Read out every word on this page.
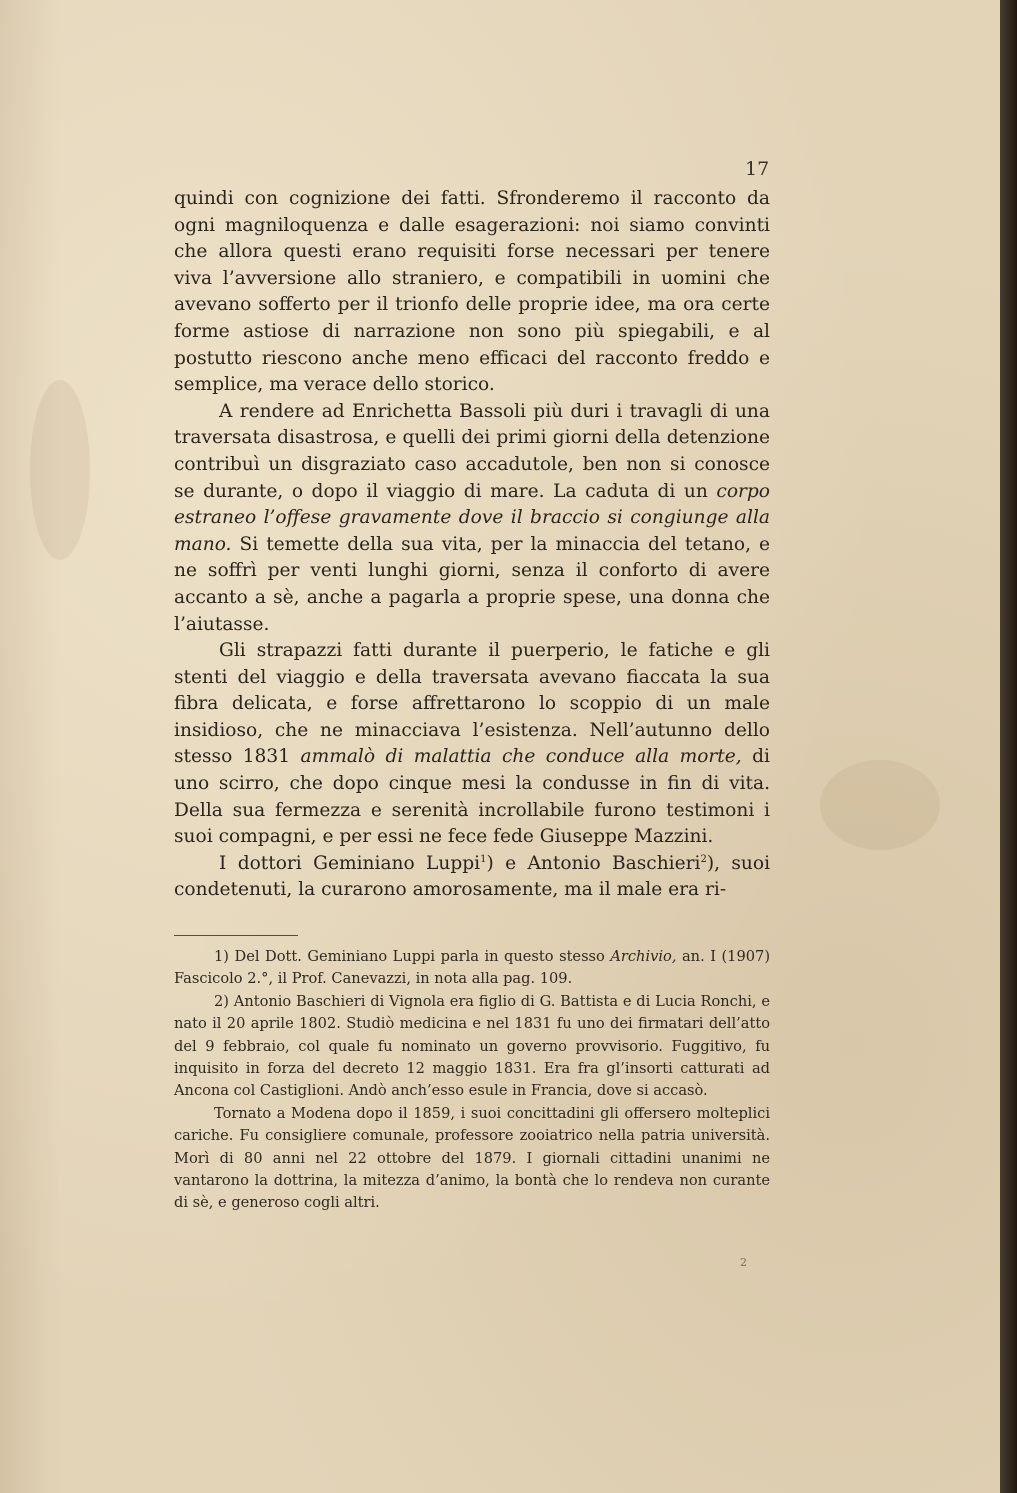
17

quindi con cognizione dei fatti. Sfronderemo il racconto da ogni magniloquenza e dalle esagerazioni: noi siamo convinti che allora questi erano requisiti forse necessari per tenere viva l’avversione allo straniero, e compatibili in uomini che avevano sofferto per il trionfo delle proprie idee, ma ora certe forme astiose di narrazione non sono più spiegabili, e al postutto riescono anche meno efficaci del racconto freddo e semplice, ma verace dello storico.

A rendere ad Enrichetta Bassoli più duri i travagli di una traversata disastrosa, e quelli dei primi giorni della detenzione contribuì un disgraziato caso accadutole, ben non si conosce se durante, o dopo il viaggio di mare. La caduta di un corpo estraneo l’offese gravamente dove il braccio si congiunge alla mano. Si temette della sua vita, per la minaccia del tetano, e ne soffrì per venti lunghi giorni, senza il conforto di avere accanto a sè, anche a pagarla a proprie spese, una donna che l’aiutasse.

Gli strapazzi fatti durante il puerperio, le fatiche e gli stenti del viaggio e della traversata avevano fiaccata la sua fibra delicata, e forse affrettarono lo scoppio di un male insidioso, che ne minacciava l’esistenza. Nell’autunno dello stesso 1831 ammalò di malattia che conduce alla morte, di uno scirro, che dopo cinque mesi la condusse in fin di vita. Della sua fermezza e serenità incrollabile furono testimoni i suoi compagni, e per essi ne fece fede Giuseppe Mazzini.

I dottori Geminiano Luppi$^1$) e Antonio Baschieri$^2$), suoi condetenuti, la curarono amorosamente, ma il male era ri-

1) Del Dott. Geminiano Luppi parla in questo stesso Archivio, an. I (1907) Fascicolo 2.°, il Prof. Canevazzi, in nota alla pag. 109.

2) Antonio Baschieri di Vignola era figlio di G. Battista e di Lucia Ronchi, e nato il 20 aprile 1802. Studiò medicina e nel 1831 fu uno dei firmatari dell’atto del 9 febbraio, col quale fu nominato un governo provvisorio. Fuggitivo, fu inquisito in forza del decreto 12 maggio 1831. Era fra gl’insorti catturati ad Ancona col Castiglioni. Andò anch’esso esule in Francia, dove si accasò.

Tornato a Modena dopo il 1859, i suoi concittadini gli offersero molteplici cariche. Fu consigliere comunale, professore zooiatrico nella patria università. Morì di 80 anni nel 22 ottobre del 1879. I giornali cittadini unanimi ne vantarono la dottrina, la mitezza d’animo, la bontà che lo rendeva non curante di sè, e generoso cogli altri.

2
